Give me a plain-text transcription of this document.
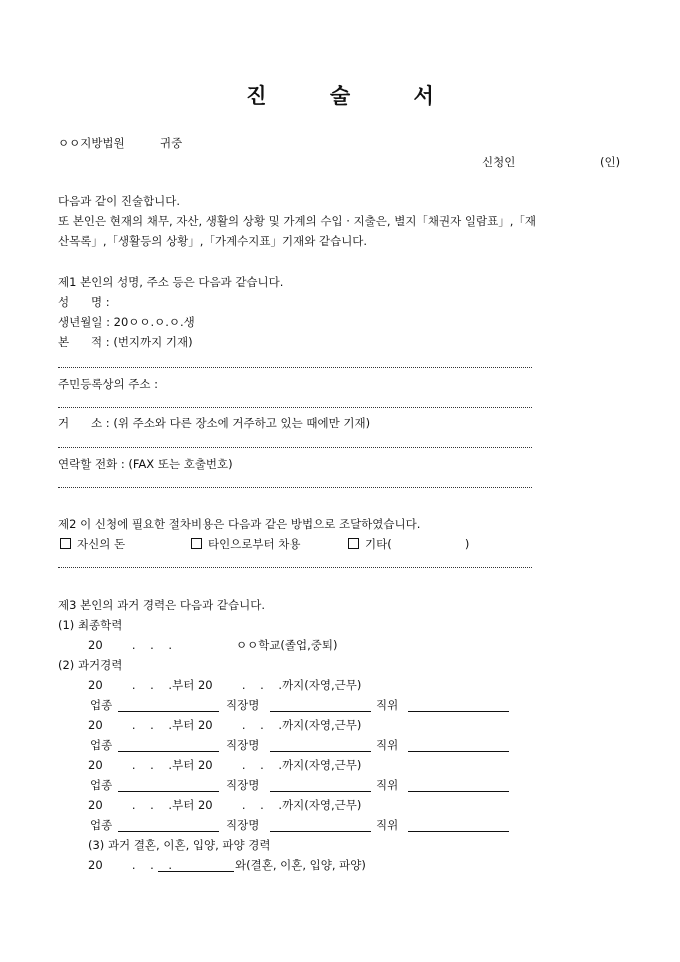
진 술 서
ㅇㅇ지방법원	귀중
신청인	(인)
다음과 같이 진술합니다.
또 본인은 현재의 채무, 자산, 생활의 상황 및 가계의 수입 · 지출은, 별지「채권자 일람표」,「재
산목록」,「생활등의 상황」,「가계수지표」기재와 같습니다.
제1 본인의 성명, 주소 등은 다음과 같습니다.
성      명 :
생년월일 : 20ㅇㅇ.ㅇ.ㅇ.생
본      적 : (번지까지 기재)
주민등록상의 주소 :
거      소 : (위 주소와 다른 장소에 거주하고 있는 때에만 기재)
연락할 전화 : (FAX 또는 호출번호)
제2 이 신청에 필요한 절차비용은 다음과 같은 방법으로 조달하였습니다.
자신의 돈	타인으로부터 차용	기타(                    )
제3 본인의 과거 경력은 다음과 같습니다.
(1) 최종학력
20        .    .    .	ㅇㅇ학교(졸업,중퇴)
(2) 과거경력
20        .    .    .부터 20        .    .    .까지(자영,근무)
업종	직장명	직위
20        .    .    .부터 20        .    .    .까지(자영,근무)
업종	직장명	직위
20        .    .    .부터 20        .    .    .까지(자영,근무)
업종	직장명	직위
20        .    .    .부터 20        .    .    .까지(자영,근무)
업종	직장명	직위
(3) 과거 결혼, 이혼, 입양, 파양 경력
20        .    .    .	와(결혼, 이혼, 입양, 파양)
